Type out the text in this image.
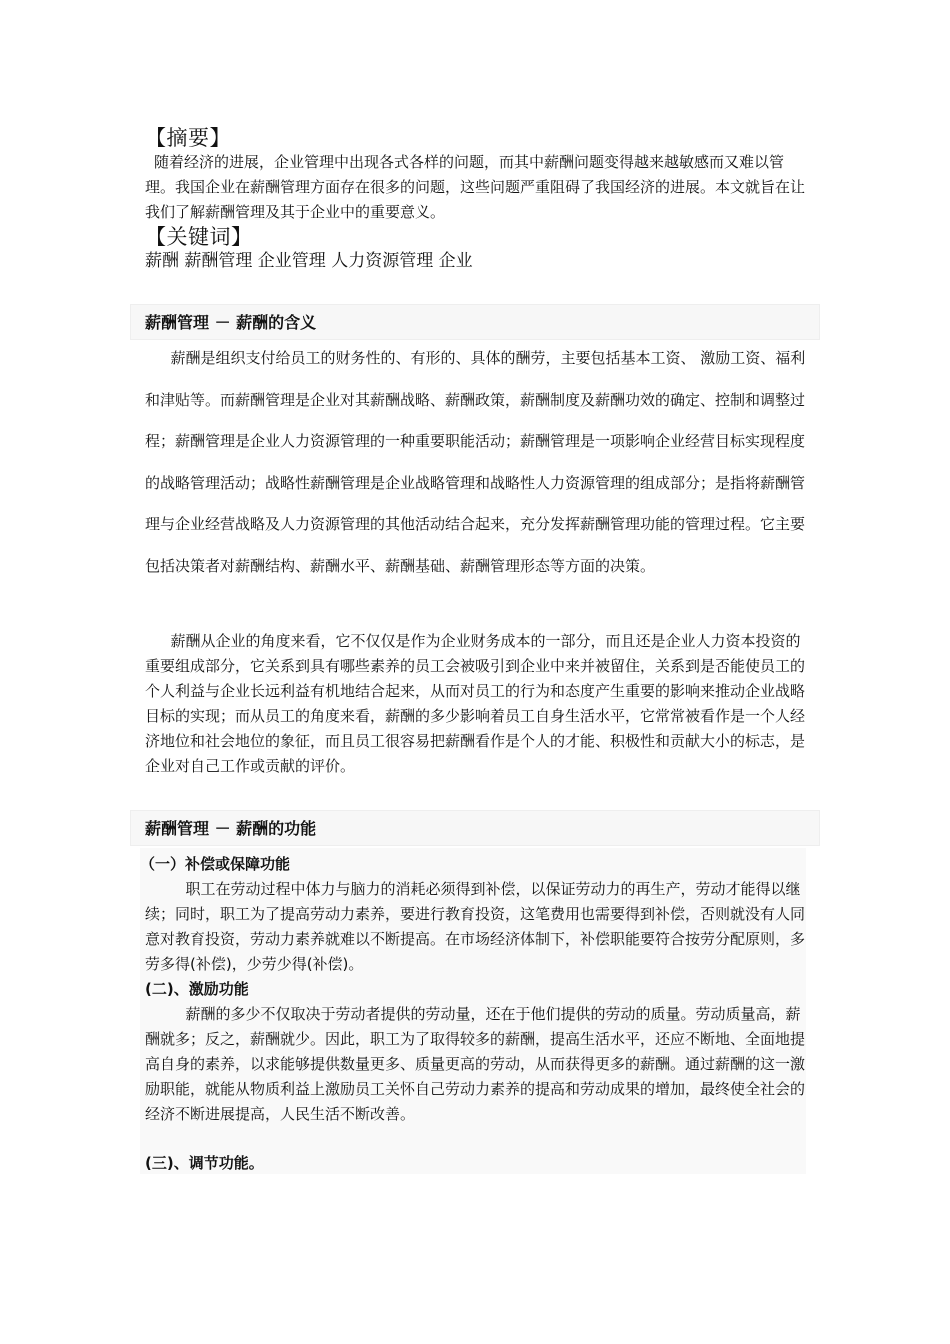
【摘要】
随着经济的进展，企业管理中出现各式各样的问题，而其中薪酬问题变得越来越敏感而又难以管理。我国企业在薪酬管理方面存在很多的问题，这些问题严重阻碍了我国经济的进展。本文就旨在让我们了解薪酬管理及其于企业中的重要意义。
【关键词】
薪酬 薪酬管理 企业管理 人力资源管理 企业
薪酬管理 － 薪酬的含义
薪酬是组织支付给员工的财务性的、有形的、具体的酬劳，主要包括基本工资、 激励工资、福利和津贴等。而薪酬管理是企业对其薪酬战略、薪酬政策，薪酬制度及薪酬功效的确定、控制和调整过程；薪酬管理是企业人力资源管理的一种重要职能活动；薪酬管理是一项影响企业经营目标实现程度的战略管理活动；战略性薪酬管理是企业战略管理和战略性人力资源管理的组成部分；是指将薪酬管理与企业经营战略及人力资源管理的其他活动结合起来，充分发挥薪酬管理功能的管理过程。它主要包括决策者对薪酬结构、薪酬水平、薪酬基础、薪酬管理形态等方面的决策。
薪酬从企业的角度来看，它不仅仅是作为企业财务成本的一部分，而且还是企业人力资本投资的重要组成部分，它关系到具有哪些素养的员工会被吸引到企业中来并被留住，关系到是否能使员工的个人利益与企业长远利益有机地结合起来，从而对员工的行为和态度产生重要的影响来推动企业战略目标的实现；而从员工的角度来看，薪酬的多少影响着员工自身生活水平，它常常被看作是一个人经济地位和社会地位的象征，而且员工很容易把薪酬看作是个人的才能、积极性和贡献大小的标志，是企业对自己工作或贡献的评价。
薪酬管理 － 薪酬的功能
（一）补偿或保障功能
职工在劳动过程中体力与脑力的消耗必须得到补偿，以保证劳动力的再生产，劳动才能得以继续；同时，职工为了提高劳动力素养，要进行教育投资，这笔费用也需要得到补偿，否则就没有人同意对教育投资，劳动力素养就难以不断提高。在市场经济体制下，补偿职能要符合按劳分配原则，多劳多得(补偿)，少劳少得(补偿)。
(二)、激励功能
薪酬的多少不仅取决于劳动者提供的劳动量，还在于他们提供的劳动的质量。劳动质量高，薪酬就多；反之，薪酬就少。因此，职工为了取得较多的薪酬，提高生活水平，还应不断地、全面地提高自身的素养，以求能够提供数量更多、质量更高的劳动，从而获得更多的薪酬。通过薪酬的这一激励职能，就能从物质利益上激励员工关怀自己劳动力素养的提高和劳动成果的增加，最终使全社会的经济不断进展提高，人民生活不断改善。
(三)、调节功能。
